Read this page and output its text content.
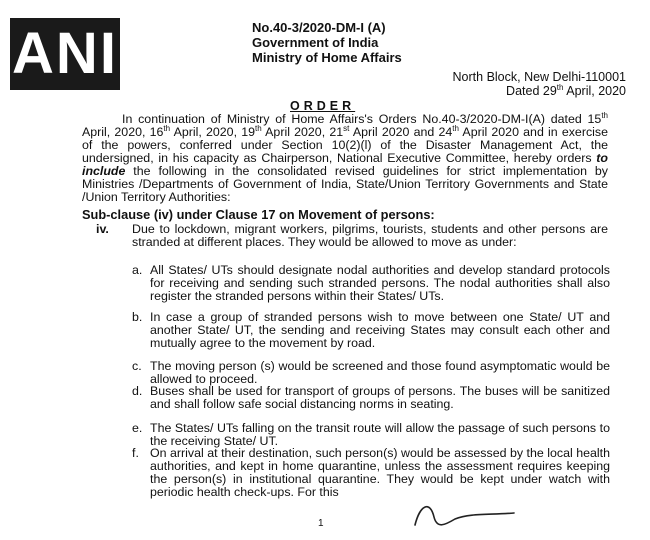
ANI	No.40-3/2020-DM-I (A)
Government of India
Ministry of Home Affairs
North Block, New Delhi-110001
Dated 29th April, 2020
ORDER

In continuation of Ministry of Home Affairs's Orders No.40-3/2020-DM-I(A) dated 15th April, 2020, 16th April, 2020, 19th April 2020, 21st April 2020 and 24th April 2020 and in exercise of the powers, conferred under Section 10(2)(l) of the Disaster Management Act, the undersigned, in his capacity as Chairperson, National Executive Committee, hereby orders to include the following in the consolidated revised guidelines for strict implementation by Ministries /Departments of Government of India, State/Union Territory Governments and State /Union Territory Authorities:

Sub-clause (iv) under Clause 17 on Movement of persons:
iv. Due to lockdown, migrant workers, pilgrims, tourists, students and other persons are stranded at different places. They would be allowed to move as under:
a. All States/ UTs should designate nodal authorities and develop standard protocols for receiving and sending such stranded persons. The nodal authorities shall also register the stranded persons within their States/ UTs.
b. In case a group of stranded persons wish to move between one State/ UT and another State/ UT, the sending and receiving States may consult each other and mutually agree to the movement by road.
c. The moving person (s) would be screened and those found asymptomatic would be allowed to proceed.
d. Buses shall be used for transport of groups of persons. The buses will be sanitized and shall follow safe social distancing norms in seating.
e. The States/ UTs falling on the transit route will allow the passage of such persons to the receiving State/ UT.
f. On arrival at their destination, such person(s) would be assessed by the local health authorities, and kept in home quarantine, unless the assessment requires keeping the person(s) in institutional quarantine. They would be kept under watch with periodic health check-ups. For this
1
